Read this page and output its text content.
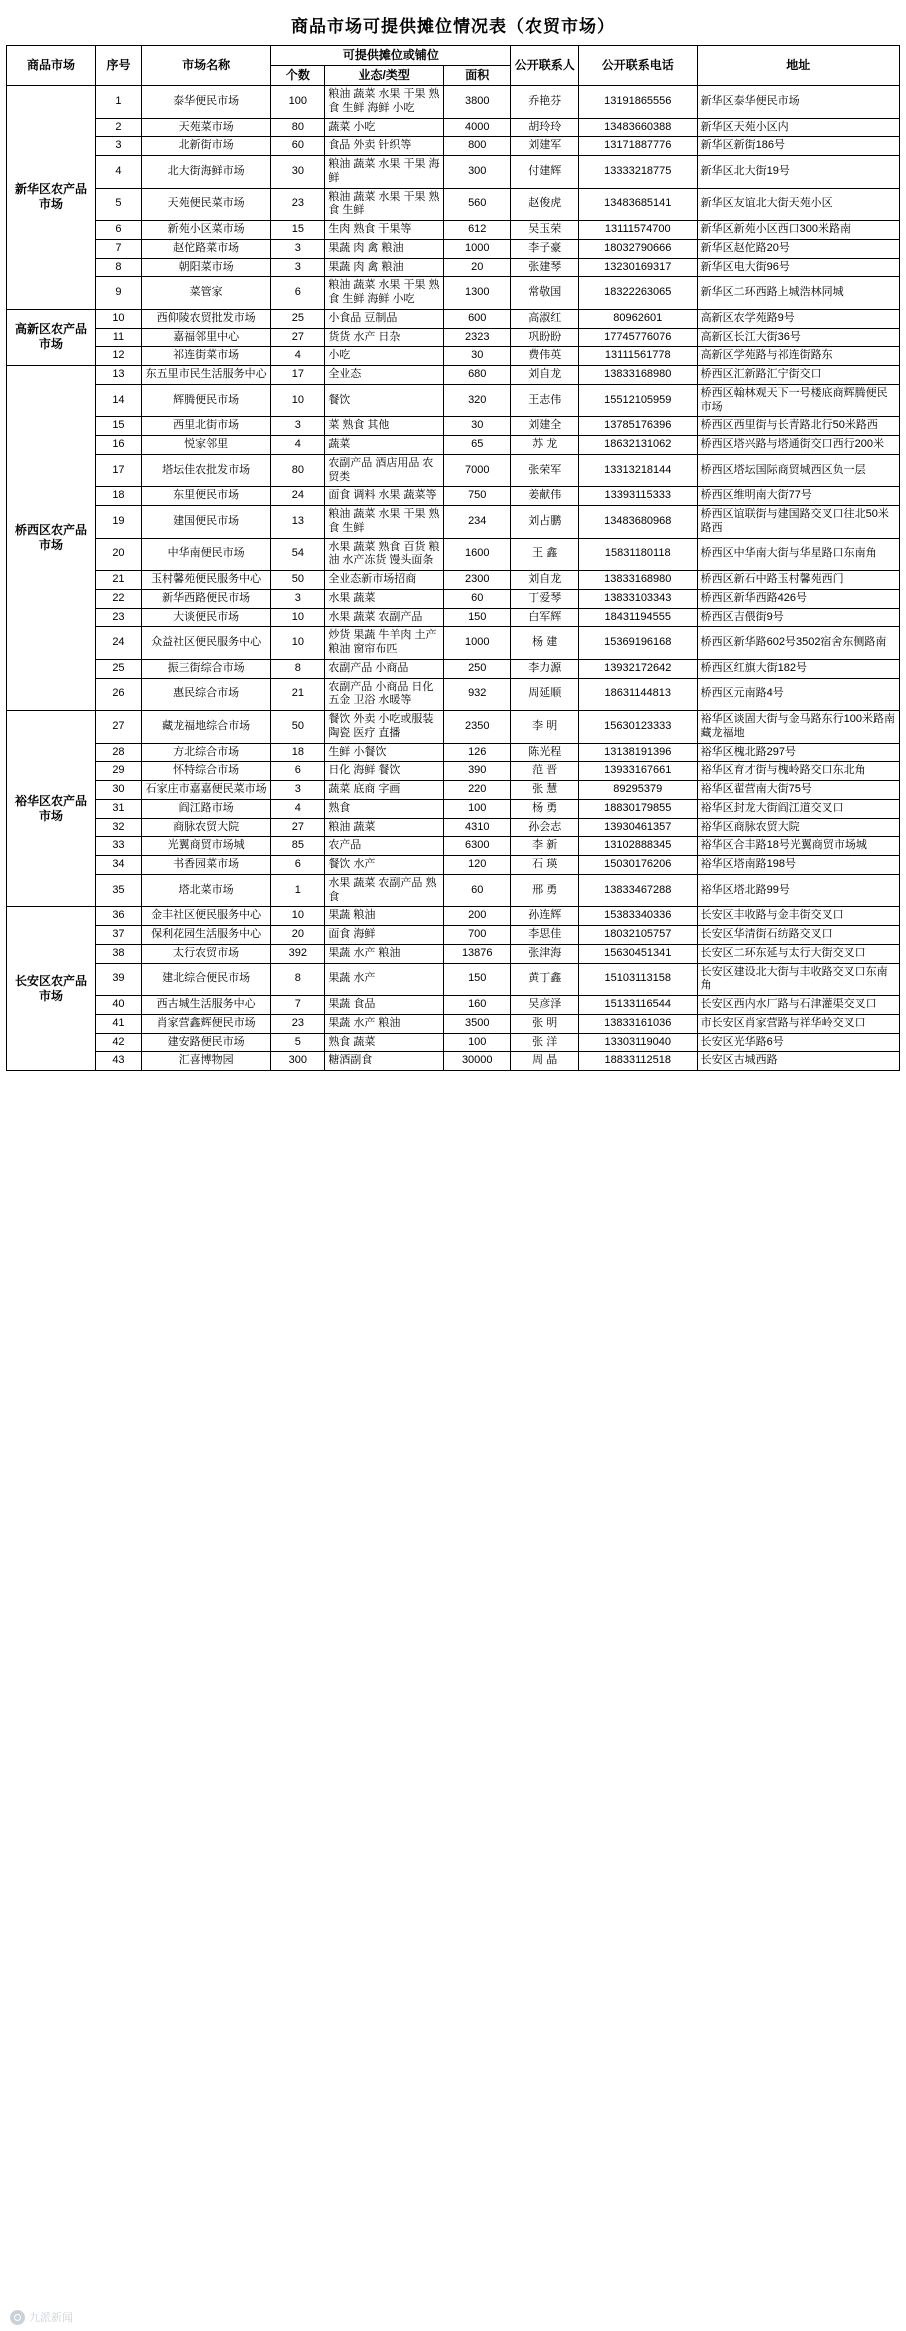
商品市场可提供摊位情况表（农贸市场）
商品市场	序号	市场名称	可提供摊位或铺位			公开联系人	公开联系电话	地址
			个数	业态/类型	面积			
新华区农产品市场	1	泰华便民市场	100	粮油 蔬菜 水果 干果 熟食 生鲜 海鲜 小吃	3800	乔艳芬	13191865556	新华区泰华便民市场
	2	天苑菜市场	80	蔬菜 小吃	4000	胡玲玲	13483660388	新华区天苑小区内
	3	北新街市场	60	食品 外卖 针织等	800	刘建军	13171887776	新华区新街186号
	4	北大街海鲜市场	30	粮油 蔬菜 水果 干果 海鲜	300	付建辉	13333218775	新华区北大街19号
	5	天苑便民菜市场	23	粮油 蔬菜 水果 干果 熟食 生鲜	560	赵俊虎	13483685141	新华区友谊北大街天苑小区
	6	新苑小区菜市场	15	生肉 熟食 干果等	612	吴玉荣	13111574700	新华区新苑小区西口300米路南
	7	赵佗路菜市场	3	果蔬 肉 禽 粮油	1000	李子豪	18032790666	新华区赵佗路20号
	8	朝阳菜市场	3	果蔬 肉 禽 粮油	20	张建琴	13230169317	新华区电大街96号
	9	菜管家	6	粮油 蔬菜 水果 干果 熟食 生鲜 海鲜 小吃	1300	常敬国	18322263065	新华区二环西路上城浩林同城
高新区农产品市场	10	西仰陵农贸批发市场	25	小食品 豆制品	600	高淑红	80962601	高新区农学苑路9号
	11	嘉福邻里中心	27	货货 水产 日杂	2323	巩盼盼	17745776076	高新区长江大街36号
	12	祁连街菜市场	4	小吃	30	费伟英	13111561778	高新区学苑路与祁连街路东
桥西区农产品市场	13	东五里市民生活服务中心	17	全业态	680	刘自龙	13833168980	桥西区汇新路汇宁街交口
	14	辉腾便民市场	10	餐饮	320	王志伟	15512105959	桥西区翰林观天下一号楼底商辉腾便民市场
	15	西里北街市场	3	菜 熟食 其他	30	刘建全	13785176396	桥西区西里街与长青路北行50米路西
	16	悦家邻里	4	蔬菜	65	苏 龙	18632131062	桥西区塔兴路与塔通街交口西行200米
	17	塔坛佳农批发市场	80	农副产品 酒店用品 农贸类	7000	张荣军	13313218144	桥西区塔坛国际商贸城西区负一层
	18	东里便民市场	24	面食 调料 水果 蔬菜等	750	姜献伟	13393115333	桥西区维明南大街77号
	19	建国便民市场	13	粮油 蔬菜 水果 干果 熟食 生鲜	234	刘占鹏	13483680968	桥西区谊联街与建国路交叉口往北50米路西
	20	中华南便民市场	54	水果 蔬菜 熟食 百货 粮油 水产冻货 馒头面条	1600	王 鑫	15831180118	桥西区中华南大街与华星路口东南角
	21	玉村馨苑便民服务中心	50	全业态新市场招商	2300	刘自龙	13833168980	桥西区新石中路玉村馨苑西门
	22	新华西路便民市场	3	水果 蔬菜	60	丁爱琴	13833103343	桥西区新华西路426号
	23	大谈便民市场	10	水果 蔬菜 农副产品	150	白军辉	18431194555	桥西区吉偎街9号
	24	众益社区便民服务中心	10	炒货 果蔬 牛羊肉 土产 粮油 窗帘布匹	1000	杨 建	15369196168	桥西区新华路602号3502宿舍东侧路南
	25	振三街综合市场	8	农副产品 小商品	250	李力源	13932172642	桥西区红旗大街182号
	26	惠民综合市场	21	农副产品 小商品 日化 五金 卫浴 水暖等	932	周延顺	18631144813	桥西区元南路4号
裕华区农产品市场	27	藏龙福地综合市场	50	餐饮 外卖 小吃或服装 陶瓷 医疗 直播	2350	李 明	15630123333	裕华区谈固大街与金马路东行100米路南藏龙福地
	28	方北综合市场	18	生鲜 小餐饮	126	陈光程	13138191396	裕华区槐北路297号
	29	怀特综合市场	6	日化 海鲜 餐饮	390	范 晋	13933167661	裕华区育才街与槐岭路交口东北角
	30	石家庄市嘉嘉便民菜市场	3	蔬菜 底商 字画	220	张 慧	89295379	裕华区翟营南大街75号
	31	阎江路市场	4	熟食	100	杨 勇	18830179855	裕华区封龙大街阎江道交叉口
	32	商脉农贸大院	27	粮油 蔬菜	4310	孙会志	13930461357	裕华区商脉农贸大院
	33	光翼商贸市场城	85	农产品	6300	李 新	13102888345	裕华区合丰路18号光翼商贸市场城
	34	书香园菜市场	6	餐饮 水产	120	石 瑛	15030176206	裕华区塔南路198号
	35	塔北菜市场	1	水果 蔬菜 农副产品 熟食	60	邢 勇	13833467288	裕华区塔北路99号
长安区农产品市场	36	金丰社区便民服务中心	10	果蔬 粮油	200	孙连辉	15383340336	长安区丰收路与金丰街交叉口
	37	保利花园生活服务中心	20	面食 海鲜	700	李思佳	18032105757	长安区华清街石纺路交叉口
	38	太行农贸市场	392	果蔬 水产 粮油	13876	张津海	15630451341	长安区二环东延与太行大街交叉口
	39	建北综合便民市场	8	果蔬 水产	150	黄丁鑫	15103113158	长安区建设北大街与丰收路交叉口东南角
	40	西古城生活服务中心	7	果蔬 食品	160	吴彦泽	15133116544	长安区西内水厂路与石津灌渠交叉口
	41	肖家营鑫辉便民市场	23	果蔬 水产 粮油	3500	张 明	13833161036	市长安区肖家营路与祥华岭交叉口
	42	建安路便民市场	5	熟食 蔬菜	100	张 洋	13303119040	长安区光华路6号
	43	汇喜博物园	300	糖酒副食	30000	周 晶	18833112518	长安区古城西路
九派新闻
